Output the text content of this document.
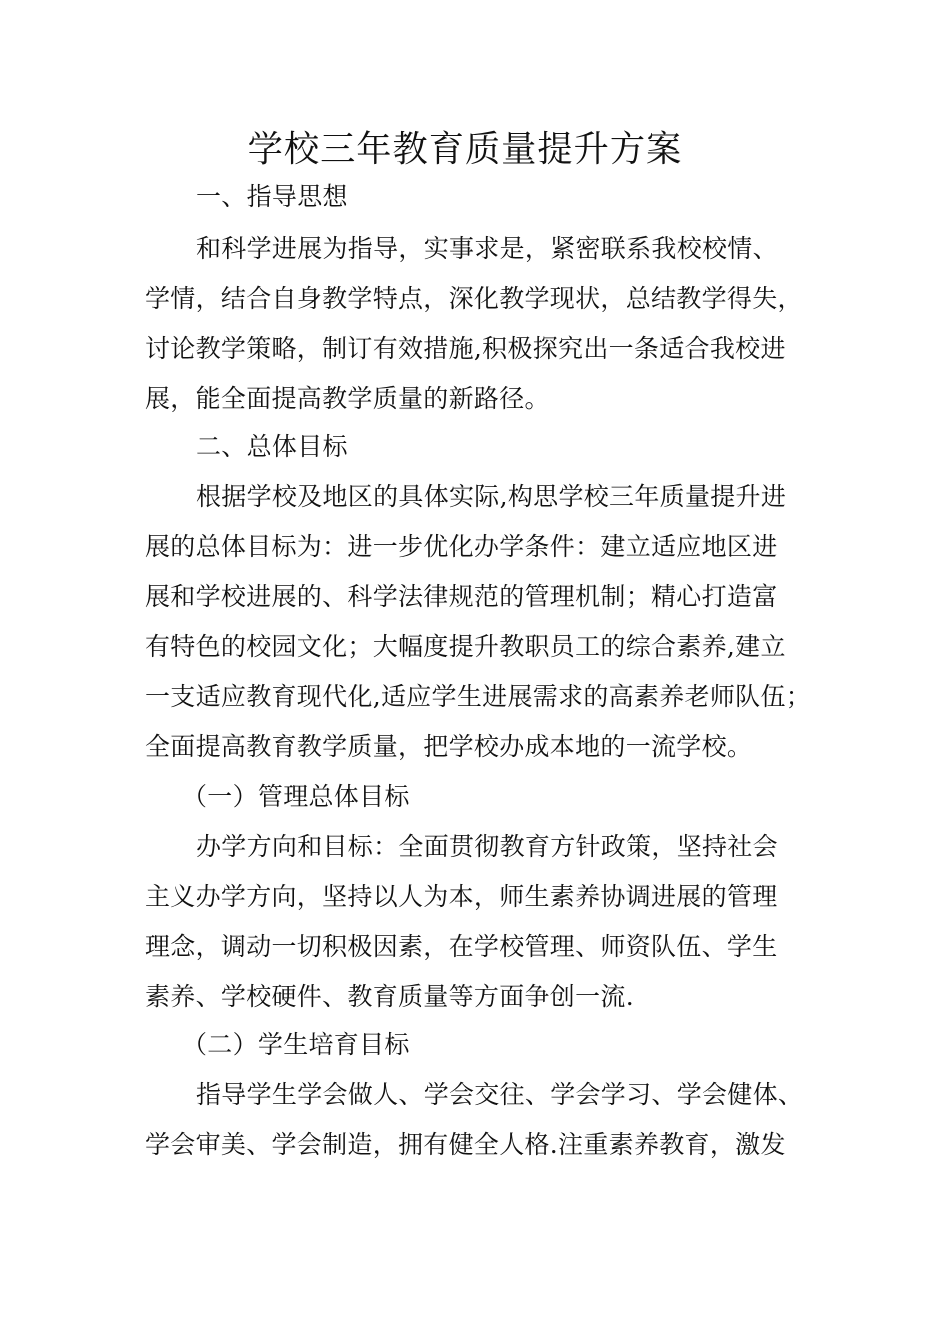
学校三年教育质量提升方案
一、指导思想
和科学进展为指导，实事求是，紧密联系我校校情、
学情，结合自身教学特点，深化教学现状，总结教学得失，
讨论教学策略，制订有效措施,积极探究出一条适合我校进
展，能全面提高教学质量的新路径。
二、总体目标
根据学校及地区的具体实际,构思学校三年质量提升进
展的总体目标为：进一步优化办学条件：建立适应地区进
展和学校进展的、科学法律规范的管理机制；精心打造富
有特色的校园文化；大幅度提升教职员工的综合素养,建立
一支适应教育现代化,适应学生进展需求的高素养老师队伍；
全面提高教育教学质量，把学校办成本地的一流学校。
（一）管理总体目标
办学方向和目标：全面贯彻教育方针政策，坚持社会
主义办学方向，坚持以人为本，师生素养协调进展的管理
理念，调动一切积极因素，在学校管理、师资队伍、学生
素养、学校硬件、教育质量等方面争创一流.
（二）学生培育目标
指导学生学会做人、学会交往、学会学习、学会健体、
学会审美、学会制造，拥有健全人格.注重素养教育，激发
